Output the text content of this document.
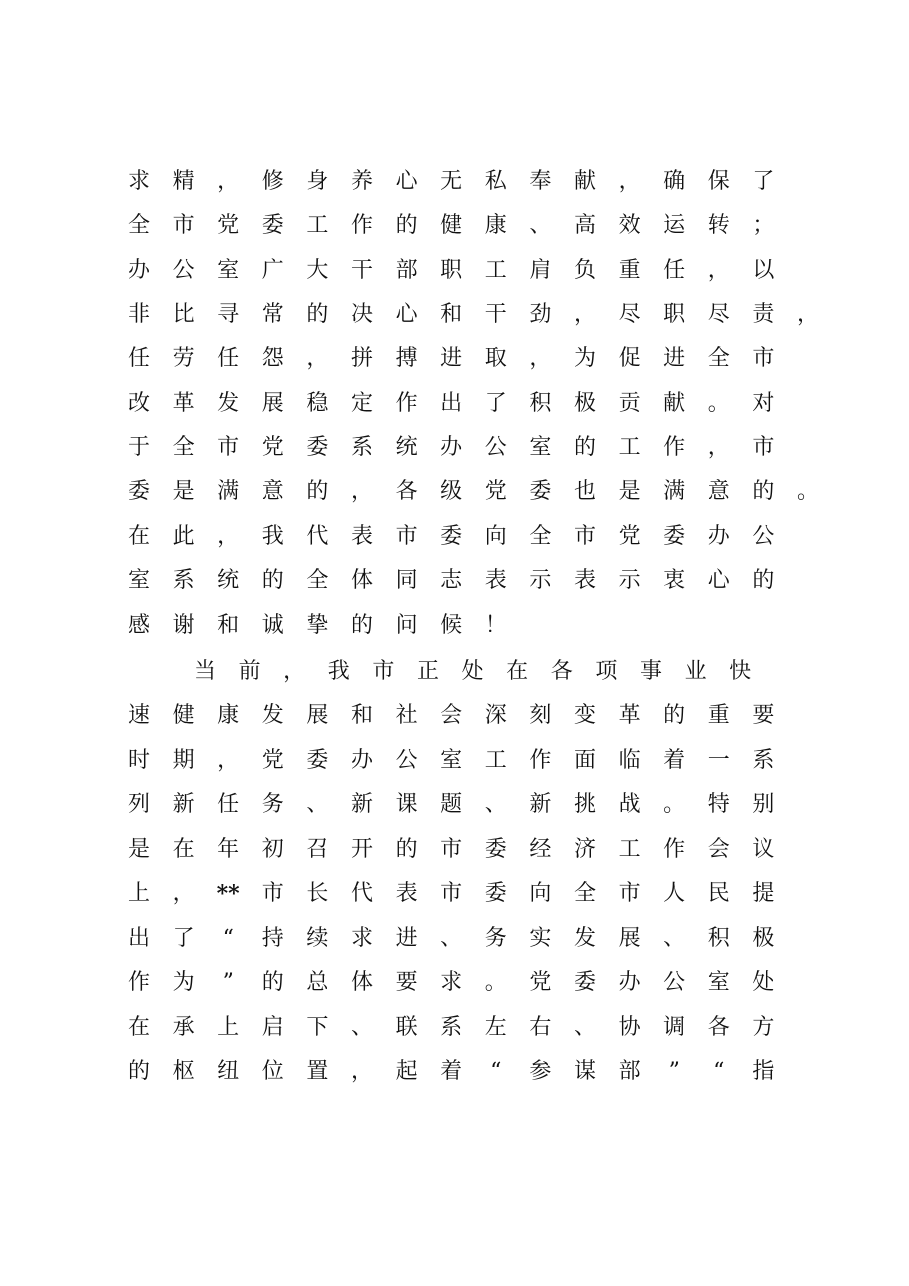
求 精 ， 修 身 养 心 无 私 奉 献 ， 确 保 了
全 市 党 委 工 作 的 健 康 、 高 效 运 转 ；
办 公 室 广 大 干 部 职 工 肩 负 重 任 ， 以
非 比 寻 常 的 决 心 和 干 劲 ， 尽 职 尽 责 ，
任 劳 任 怨 ， 拼 搏 进 取 ， 为 促 进 全 市
改 革 发 展 稳 定 作 出 了 积 极 贡 献 。 对
于 全 市 党 委 系 统 办 公 室 的 工 作 ， 市
委 是 满 意 的 ， 各 级 党 委 也 是 满 意 的 。
在 此 ， 我 代 表 市 委 向 全 市 党 委 办 公
室 系 统 的 全 体 同 志 表 示 表 示 衷 心 的
感 谢 和 诚 挚 的 问 候 ！
当 前 ， 我 市 正 处 在 各 项 事 业 快
速 健 康 发 展 和 社 会 深 刻 变 革 的 重 要
时 期 ， 党 委 办 公 室 工 作 面 临 着 一 系
列 新 任 务 、 新 课 题 、 新 挑 战 。 特 别
是 在 年 初 召 开 的 市 委 经 济 工 作 会 议
上 ， ** 市 长 代 表 市 委 向 全 市 人 民 提
出 了	“	持 续 求 进 、 务 实 发 展 、 积 极
作 为	”	的 总 体 要 求 。 党 委 办 公 室 处
在 承 上 启 下 、 联 系 左 右 、 协 调 各 方
的 枢 纽 位 置 ， 起 着	“	参 谋 部	”	“	指
